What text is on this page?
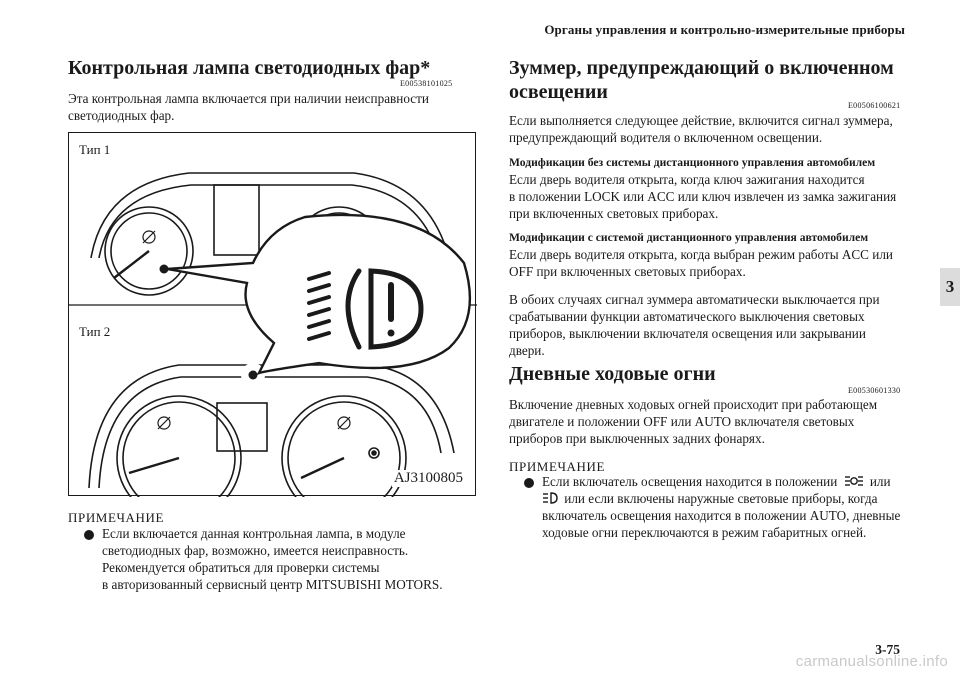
Органы управления и контрольно-измерительные приборы
Контрольная лампа светодиодных фар*
E00538101025
Эта контрольная лампа включается при наличии неисправности
светодиодных фар.
Тип 1
Тип 2
AJ3100805
ПРИМЕЧАНИЕ
Если включается данная контрольная лампа, в модуле
светодиодных фар, возможно, имеется неисправность.
Рекомендуется обратиться для проверки системы
в авторизованный сервисный центр MITSUBISHI MOTORS.
Зуммер, предупреждающий о включенном
освещении
E00506100621
Если выполняется следующее действие, включится сигнал зуммера,
предупреждающий водителя о включенном освещении.
Модификации без системы дистанционного управления автомобилем
Если дверь водителя открыта, когда ключ зажигания находится
в положении LOCK или ACC или ключ извлечен из замка зажигания
при включенных световых приборах.
Модификации с системой дистанционного управления автомобилем
Если дверь водителя открыта, когда выбран режим работы ACC или
OFF при включенных световых приборах.
В обоих случаях сигнал зуммера автоматически выключается при
срабатывании функции автоматического выключения световых
приборов, выключении включателя освещения или закрывании
двери.
Дневные ходовые огни
E00530601330
Включение дневных ходовых огней происходит при работающем
двигателе и положении OFF или AUTO включателя световых
приборов при выключенных задних фонарях.
ПРИМЕЧАНИЕ
Если включатель освещения находится в положении или
или если включены наружные световые приборы, когда
включатель освещения находится в положении AUTO, дневные
ходовые огни переключаются в режим габаритных огней.
3
3-75
carmanualsonline.info
